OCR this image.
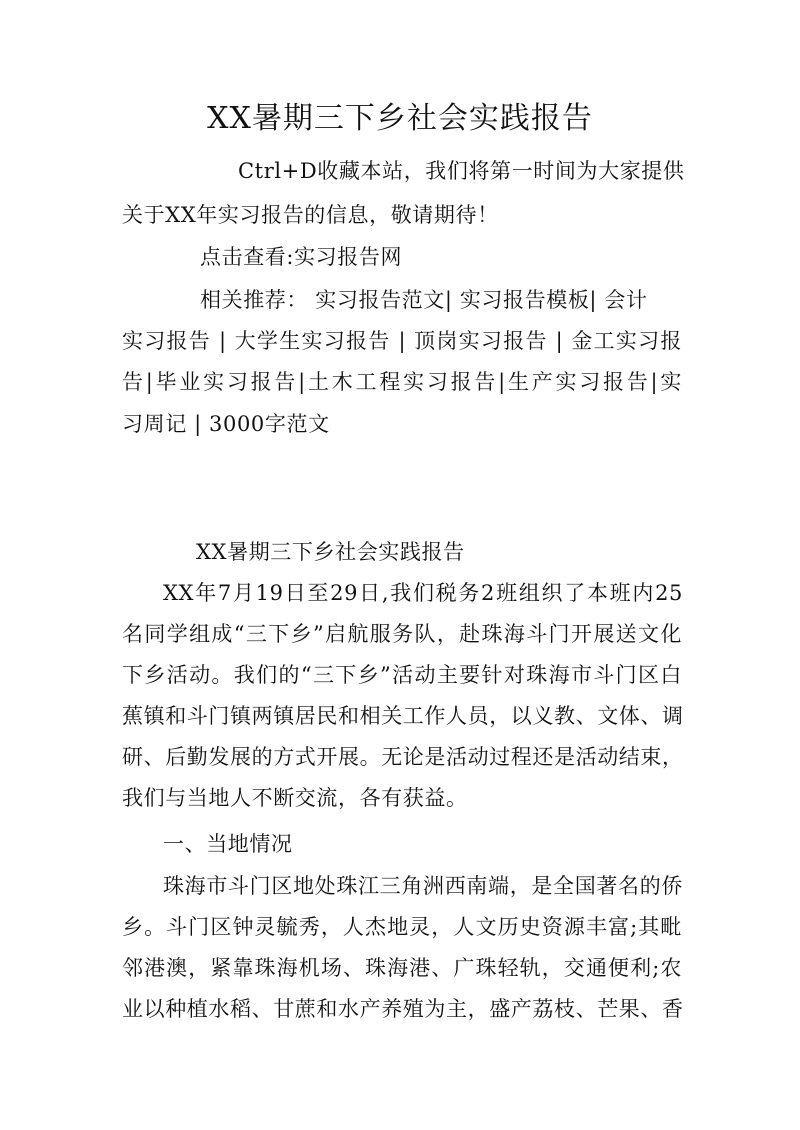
XX暑期三下乡社会实践报告
Ctrl+D收藏本站，我们将第一时间为大家提供
关于XX年实习报告的信息，敬请期待！
点击查看:实习报告网
相关推荐： 实习报告范文| 实习报告模板| 会计
实习报告 | 大学生实习报告 | 顶岗实习报告 | 金工实习报
告|毕业实习报告|土木工程实习报告|生产实习报告|实
习周记 | 3000字范文
XX暑期三下乡社会实践报告
XX年7月19日至29日,我们税务2班组织了本班内25
名同学组成“三下乡”启航服务队，赴珠海斗门开展送文化
下乡活动。我们的“三下乡”活动主要针对珠海市斗门区白
蕉镇和斗门镇两镇居民和相关工作人员，以义教、文体、调
研、后勤发展的方式开展。无论是活动过程还是活动结束，
我们与当地人不断交流，各有获益。
一、当地情况
珠海市斗门区地处珠江三角洲西南端，是全国著名的侨
乡。斗门区钟灵毓秀，人杰地灵，人文历史资源丰富;其毗
邻港澳，紧靠珠海机场、珠海港、广珠轻轨，交通便利;农
业以种植水稻、甘蔗和水产养殖为主，盛产荔枝、芒果、香
